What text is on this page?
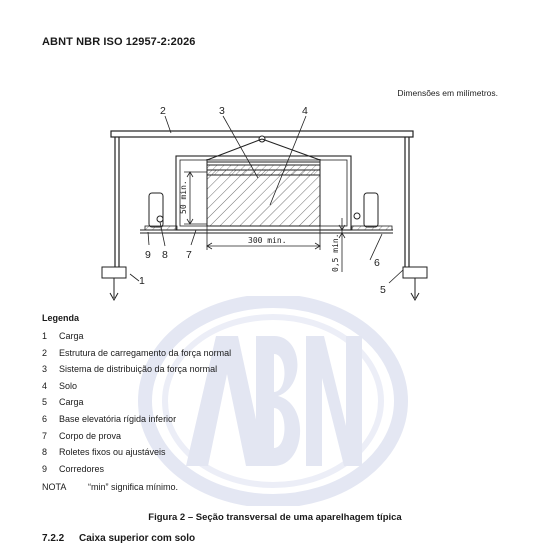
ABNT NBR ISO 12957-2:2026
Dimensões em milímetros.
50 min.
300 min.	0,5 min.
2	3	4
1
5
6
7
8
9
Legenda
1 Carga
2 Estrutura de carregamento da força normal
3 Sistema de distribuição da força normal
4 Solo
5 Carga
6 Base elevatória rígida inferior
7 Corpo de prova
8 Roletes fixos ou ajustáveis
9 Corredores
NOTA “min” significa mínimo.
Figura 2 – Seção transversal de uma aparelhagem típica
7.2.2 Caixa superior com solo
